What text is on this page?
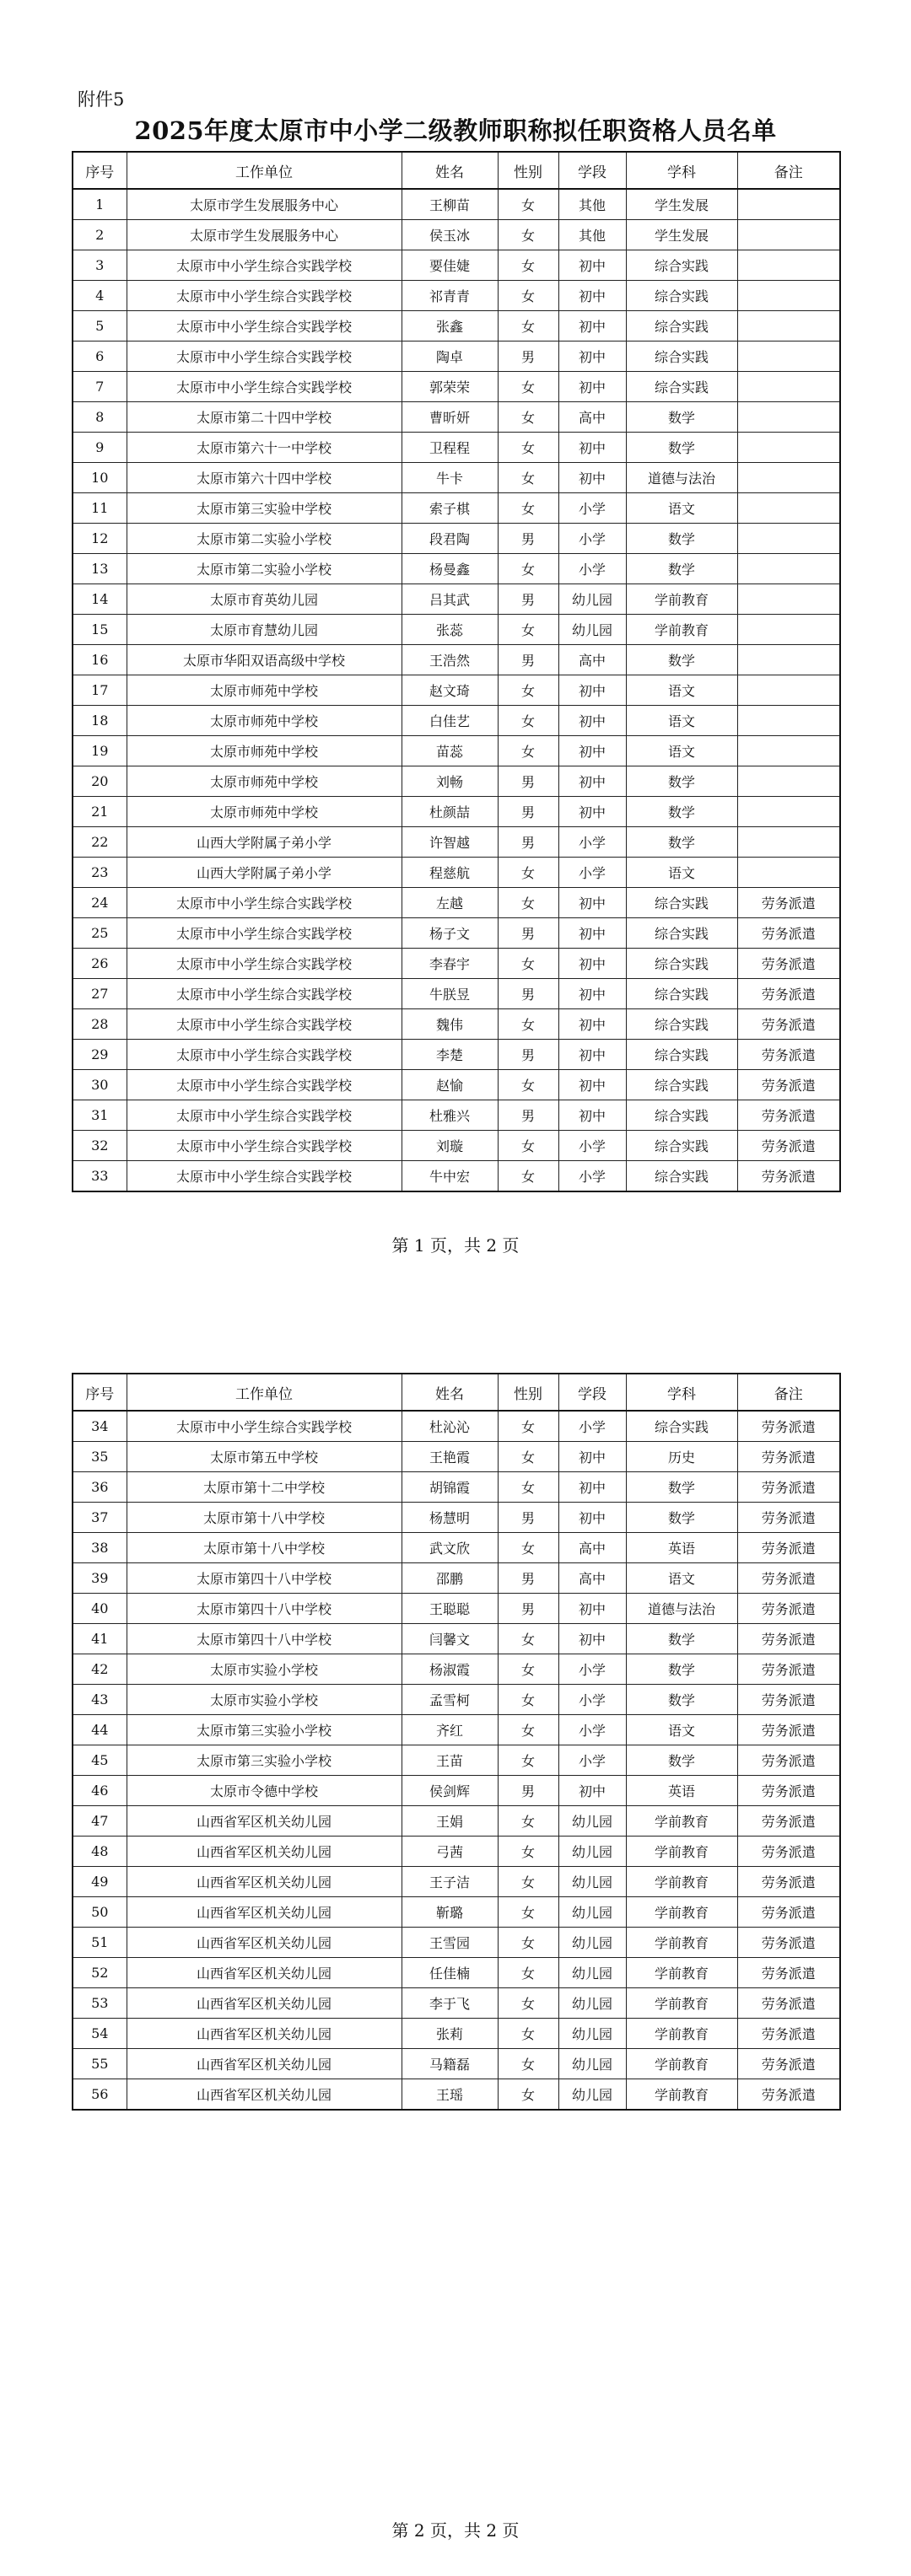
附件5
2025年度太原市中小学二级教师职称拟任职资格人员名单
序号	工作单位	姓名	性别	学段	学科	备注
1	太原市学生发展服务中心	王柳苗	女	其他	学生发展	
2	太原市学生发展服务中心	侯玉冰	女	其他	学生发展	
3	太原市中小学生综合实践学校	要佳婕	女	初中	综合实践	
4	太原市中小学生综合实践学校	祁青青	女	初中	综合实践	
5	太原市中小学生综合实践学校	张鑫	女	初中	综合实践	
6	太原市中小学生综合实践学校	陶卓	男	初中	综合实践	
7	太原市中小学生综合实践学校	郭荣荣	女	初中	综合实践	
8	太原市第二十四中学校	曹昕妍	女	高中	数学	
9	太原市第六十一中学校	卫程程	女	初中	数学	
10	太原市第六十四中学校	牛卡	女	初中	道德与法治	
11	太原市第三实验中学校	索子棋	女	小学	语文	
12	太原市第二实验小学校	段君陶	男	小学	数学	
13	太原市第二实验小学校	杨曼鑫	女	小学	数学	
14	太原市育英幼儿园	吕其武	男	幼儿园	学前教育	
15	太原市育慧幼儿园	张蕊	女	幼儿园	学前教育	
16	太原市华阳双语高级中学校	王浩然	男	高中	数学	
17	太原市师苑中学校	赵文琦	女	初中	语文	
18	太原市师苑中学校	白佳艺	女	初中	语文	
19	太原市师苑中学校	苗蕊	女	初中	语文	
20	太原市师苑中学校	刘畅	男	初中	数学	
21	太原市师苑中学校	杜颜喆	男	初中	数学	
22	山西大学附属子弟小学	许智越	男	小学	数学	
23	山西大学附属子弟小学	程慈航	女	小学	语文	
24	太原市中小学生综合实践学校	左越	女	初中	综合实践	劳务派遣
25	太原市中小学生综合实践学校	杨子文	男	初中	综合实践	劳务派遣
26	太原市中小学生综合实践学校	李春宇	女	初中	综合实践	劳务派遣
27	太原市中小学生综合实践学校	牛朕昱	男	初中	综合实践	劳务派遣
28	太原市中小学生综合实践学校	魏伟	女	初中	综合实践	劳务派遣
29	太原市中小学生综合实践学校	李楚	男	初中	综合实践	劳务派遣
30	太原市中小学生综合实践学校	赵愉	女	初中	综合实践	劳务派遣
31	太原市中小学生综合实践学校	杜雅兴	男	初中	综合实践	劳务派遣
32	太原市中小学生综合实践学校	刘璇	女	小学	综合实践	劳务派遣
33	太原市中小学生综合实践学校	牛中宏	女	小学	综合实践	劳务派遣
第 1 页，共 2 页
序号	工作单位	姓名	性别	学段	学科	备注
34	太原市中小学生综合实践学校	杜沁沁	女	小学	综合实践	劳务派遣
35	太原市第五中学校	王艳霞	女	初中	历史	劳务派遣
36	太原市第十二中学校	胡锦霞	女	初中	数学	劳务派遣
37	太原市第十八中学校	杨慧明	男	初中	数学	劳务派遣
38	太原市第十八中学校	武文欣	女	高中	英语	劳务派遣
39	太原市第四十八中学校	邵鹏	男	高中	语文	劳务派遣
40	太原市第四十八中学校	王聪聪	男	初中	道德与法治	劳务派遣
41	太原市第四十八中学校	闫馨文	女	初中	数学	劳务派遣
42	太原市实验小学校	杨淑霞	女	小学	数学	劳务派遣
43	太原市实验小学校	孟雪柯	女	小学	数学	劳务派遣
44	太原市第三实验小学校	齐红	女	小学	语文	劳务派遣
45	太原市第三实验小学校	王苗	女	小学	数学	劳务派遣
46	太原市令德中学校	侯剑辉	男	初中	英语	劳务派遣
47	山西省军区机关幼儿园	王娟	女	幼儿园	学前教育	劳务派遣
48	山西省军区机关幼儿园	弓茜	女	幼儿园	学前教育	劳务派遣
49	山西省军区机关幼儿园	王子洁	女	幼儿园	学前教育	劳务派遣
50	山西省军区机关幼儿园	靳璐	女	幼儿园	学前教育	劳务派遣
51	山西省军区机关幼儿园	王雪园	女	幼儿园	学前教育	劳务派遣
52	山西省军区机关幼儿园	任佳楠	女	幼儿园	学前教育	劳务派遣
53	山西省军区机关幼儿园	李于飞	女	幼儿园	学前教育	劳务派遣
54	山西省军区机关幼儿园	张莉	女	幼儿园	学前教育	劳务派遣
55	山西省军区机关幼儿园	马籍磊	女	幼儿园	学前教育	劳务派遣
56	山西省军区机关幼儿园	王瑶	女	幼儿园	学前教育	劳务派遣
第 2 页，共 2 页
